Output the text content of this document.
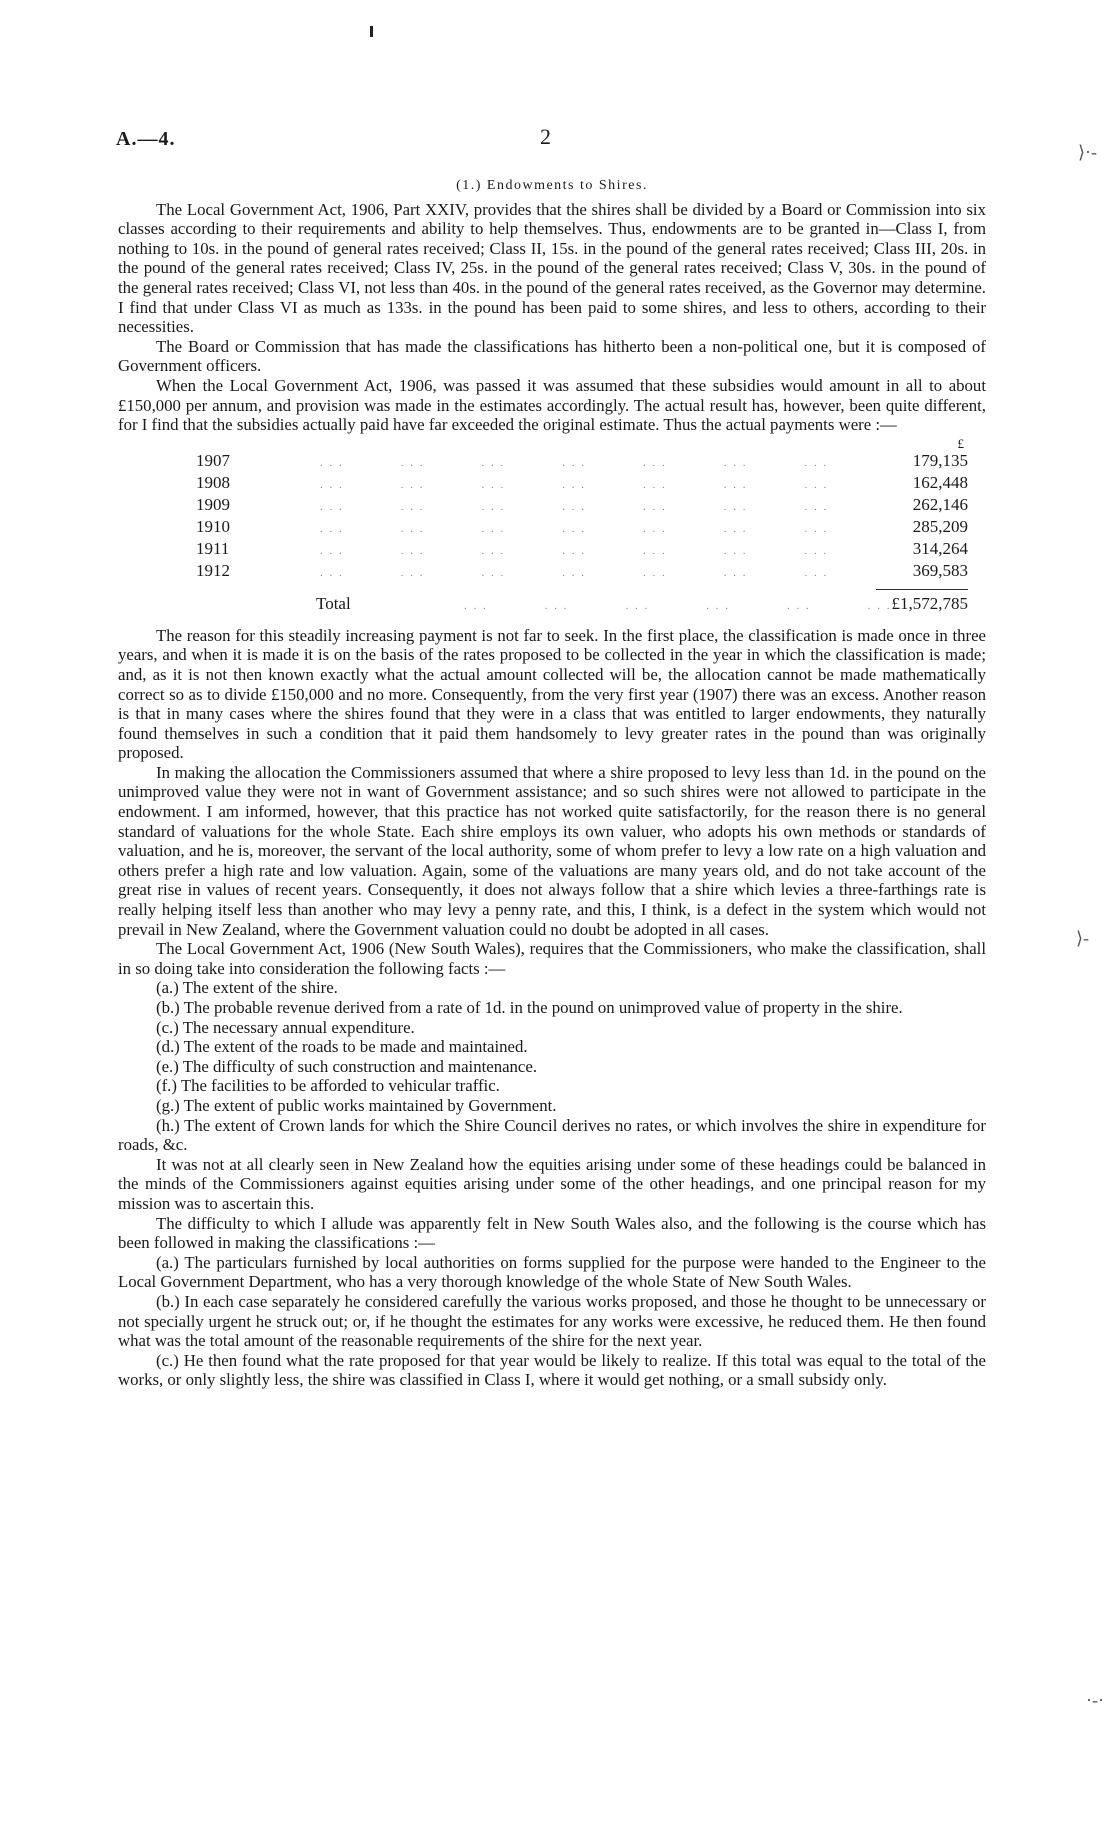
⟩·-
⟩-
·-·
A.—4.	2
(1.) Endowments to Shires.

The Local Government Act, 1906, Part XXIV, provides that the shires shall be divided by a Board or Commission into six classes according to their requirements and ability to help themselves. Thus, endowments are to be granted in—Class I, from nothing to 10s. in the pound of general rates received; Class II, 15s. in the pound of the general rates received; Class III, 20s. in the pound of the general rates received; Class IV, 25s. in the pound of the general rates received; Class V, 30s. in the pound of the general rates received; Class VI, not less than 40s. in the pound of the general rates received, as the Governor may determine. I find that under Class VI as much as 133s. in the pound has been paid to some shires, and less to others, according to their necessities.

The Board or Commission that has made the classifications has hitherto been a non-political one, but it is composed of Government officers.

When the Local Government Act, 1906, was passed it was assumed that these subsidies would amount in all to about £150,000 per annum, and provision was made in the estimates accordingly. The actual result has, however, been quite different, for I find that the subsidies actually paid have far exceeded the original estimate. Thus the actual payments were :—

£
1907	. . .            . . .            . . .            . . .            . . .            . . .            . . .	179,135
1908	. . .            . . .            . . .            . . .            . . .            . . .            . . .	162,448
1909	. . .            . . .            . . .            . . .            . . .            . . .            . . .	262,146
1910	. . .            . . .            . . .            . . .            . . .            . . .            . . .	285,209
1911	. . .            . . .            . . .            . . .            . . .            . . .            . . .	314,264
1912	. . .            . . .            . . .            . . .            . . .            . . .            . . .	369,583
Total	. . .            . . .            . . .            . . .            . . .            . . . £1,572,785

The reason for this steadily increasing payment is not far to seek. In the first place, the classification is made once in three years, and when it is made it is on the basis of the rates proposed to be collected in the year in which the classification is made; and, as it is not then known exactly what the actual amount collected will be, the allocation cannot be made mathematically correct so as to divide £150,000 and no more. Consequently, from the very first year (1907) there was an excess. Another reason is that in many cases where the shires found that they were in a class that was entitled to larger endowments, they naturally found themselves in such a condition that it paid them handsomely to levy greater rates in the pound than was originally proposed.

In making the allocation the Commissioners assumed that where a shire proposed to levy less than 1d. in the pound on the unimproved value they were not in want of Government assistance; and so such shires were not allowed to participate in the endowment. I am informed, however, that this practice has not worked quite satisfactorily, for the reason there is no general standard of valuations for the whole State. Each shire employs its own valuer, who adopts his own methods or standards of valuation, and he is, moreover, the servant of the local authority, some of whom prefer to levy a low rate on a high valuation and others prefer a high rate and low valuation. Again, some of the valuations are many years old, and do not take account of the great rise in values of recent years. Consequently, it does not always follow that a shire which levies a three-farthings rate is really helping itself less than another who may levy a penny rate, and this, I think, is a defect in the system which would not prevail in New Zealand, where the Government valuation could no doubt be adopted in all cases.

The Local Government Act, 1906 (New South Wales), requires that the Commissioners, who make the classification, shall in so doing take into consideration the following facts :—

(a.) The extent of the shire.

(b.) The probable revenue derived from a rate of 1d. in the pound on unimproved value of property in the shire.

(c.) The necessary annual expenditure.

(d.) The extent of the roads to be made and maintained.

(e.) The difficulty of such construction and maintenance.

(f.) The facilities to be afforded to vehicular traffic.

(g.) The extent of public works maintained by Government.

(h.) The extent of Crown lands for which the Shire Council derives no rates, or which involves the shire in expenditure for roads, &c.

It was not at all clearly seen in New Zealand how the equities arising under some of these headings could be balanced in the minds of the Commissioners against equities arising under some of the other headings, and one principal reason for my mission was to ascertain this.

The difficulty to which I allude was apparently felt in New South Wales also, and the following is the course which has been followed in making the classifications :—

(a.) The particulars furnished by local authorities on forms supplied for the purpose were handed to the Engineer to the Local Government Department, who has a very thorough knowledge of the whole State of New South Wales.

(b.) In each case separately he considered carefully the various works proposed, and those he thought to be unnecessary or not specially urgent he struck out; or, if he thought the estimates for any works were excessive, he reduced them. He then found what was the total amount of the reasonable requirements of the shire for the next year.

(c.) He then found what the rate proposed for that year would be likely to realize. If this total was equal to the total of the works, or only slightly less, the shire was classified in Class I, where it would get nothing, or a small subsidy only.
